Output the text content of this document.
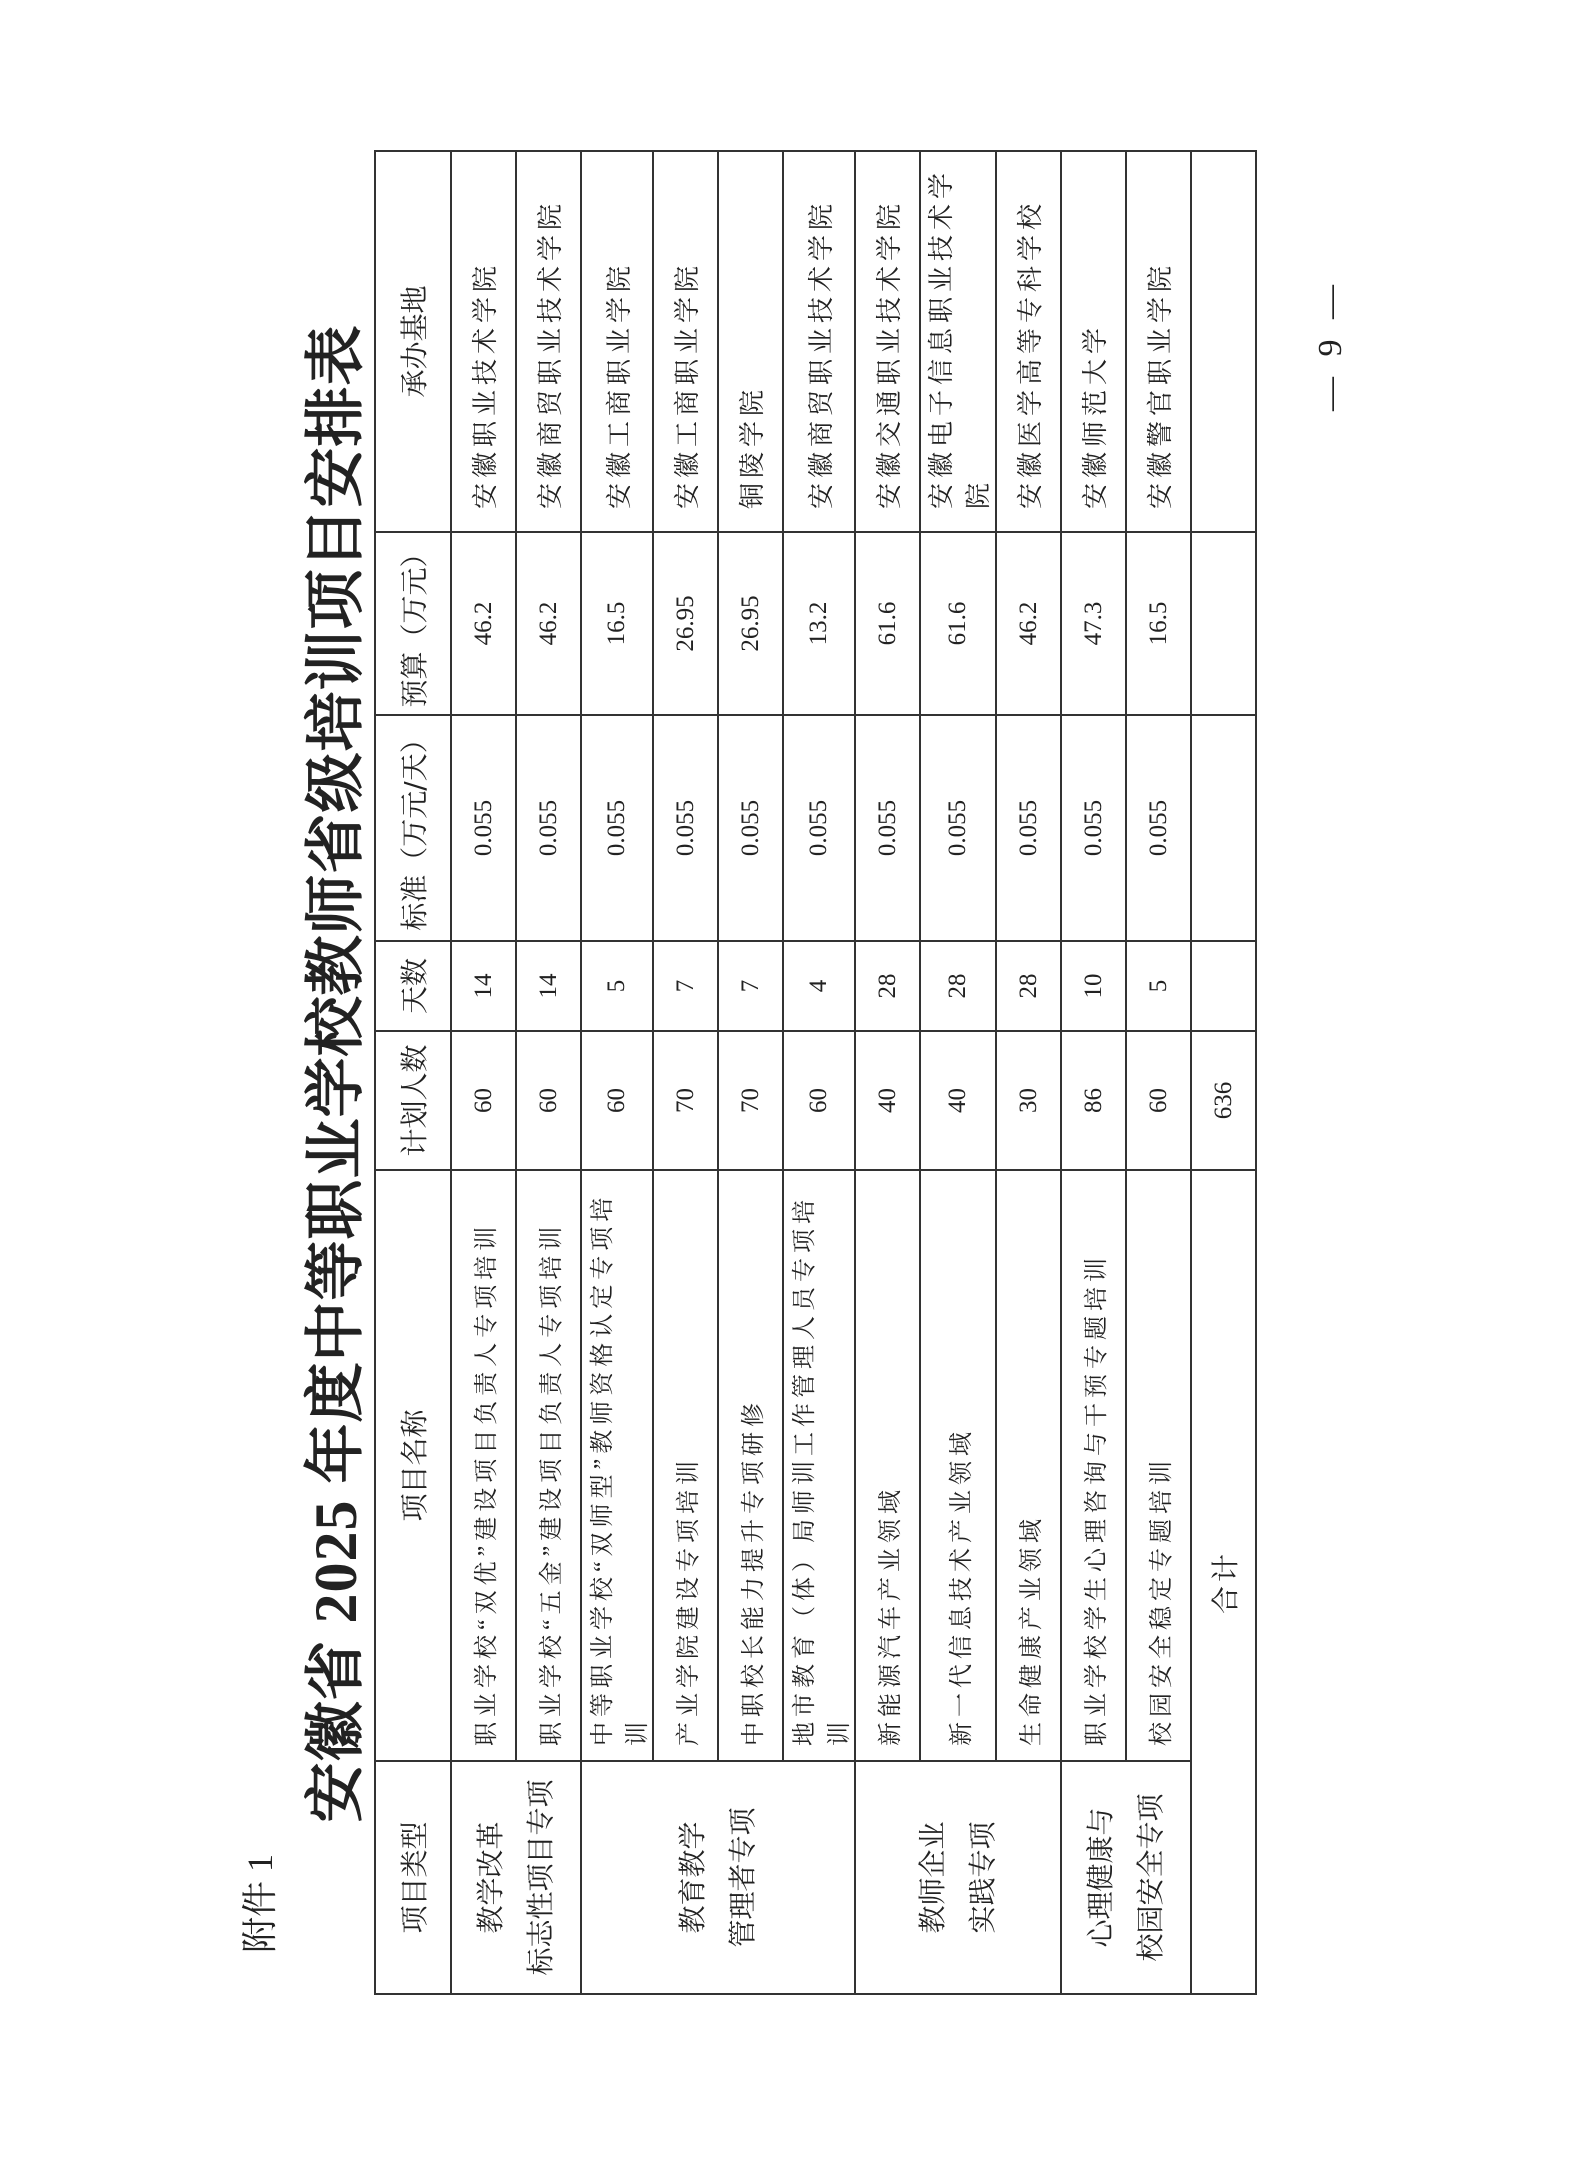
附件 1
安徽省 2025 年度中等职业学校教师省级培训项目安排表
项目类型	项目名称	计划人数	天数	标准（万元/天）	预算（万元）	承办基地

教学改革 标志性项目专项	职业学校“双优”建设项目负责人专项培训	60	14	0.055	46.2	安徽职业技术学院
	职业学校“五金”建设项目负责人专项培训	60	14	0.055	46.2	安徽商贸职业技术学院

教育教学 管理者专项	中等职业学校“双师型”教师资格认定专项培训	60	5	0.055	16.5	安徽工商职业学院
	产业学院建设专项培训	70	7	0.055	26.95	安徽工商职业学院
	中职校长能力提升专项研修	70	7	0.055	26.95	铜陵学院
	地市教育（体）局师训工作管理人员专项培训	60	4	0.055	13.2	安徽商贸职业技术学院

教师企业 实践专项	新能源汽车产业领域	40	28	0.055	61.6	安徽交通职业技术学院
	新一代信息技术产业领域	40	28	0.055	61.6	安徽电子信息职业技术学院
	生命健康产业领域	30	28	0.055	46.2	安徽医学高等专科学校

心理健康与 校园安全专项	职业学校学生心理咨询与干预专题培训	86	10	0.055	47.3	安徽师范大学
	校园安全稳定专题培训	60	5	0.055	16.5	安徽警官职业学院
合计		636				
— 9 —
